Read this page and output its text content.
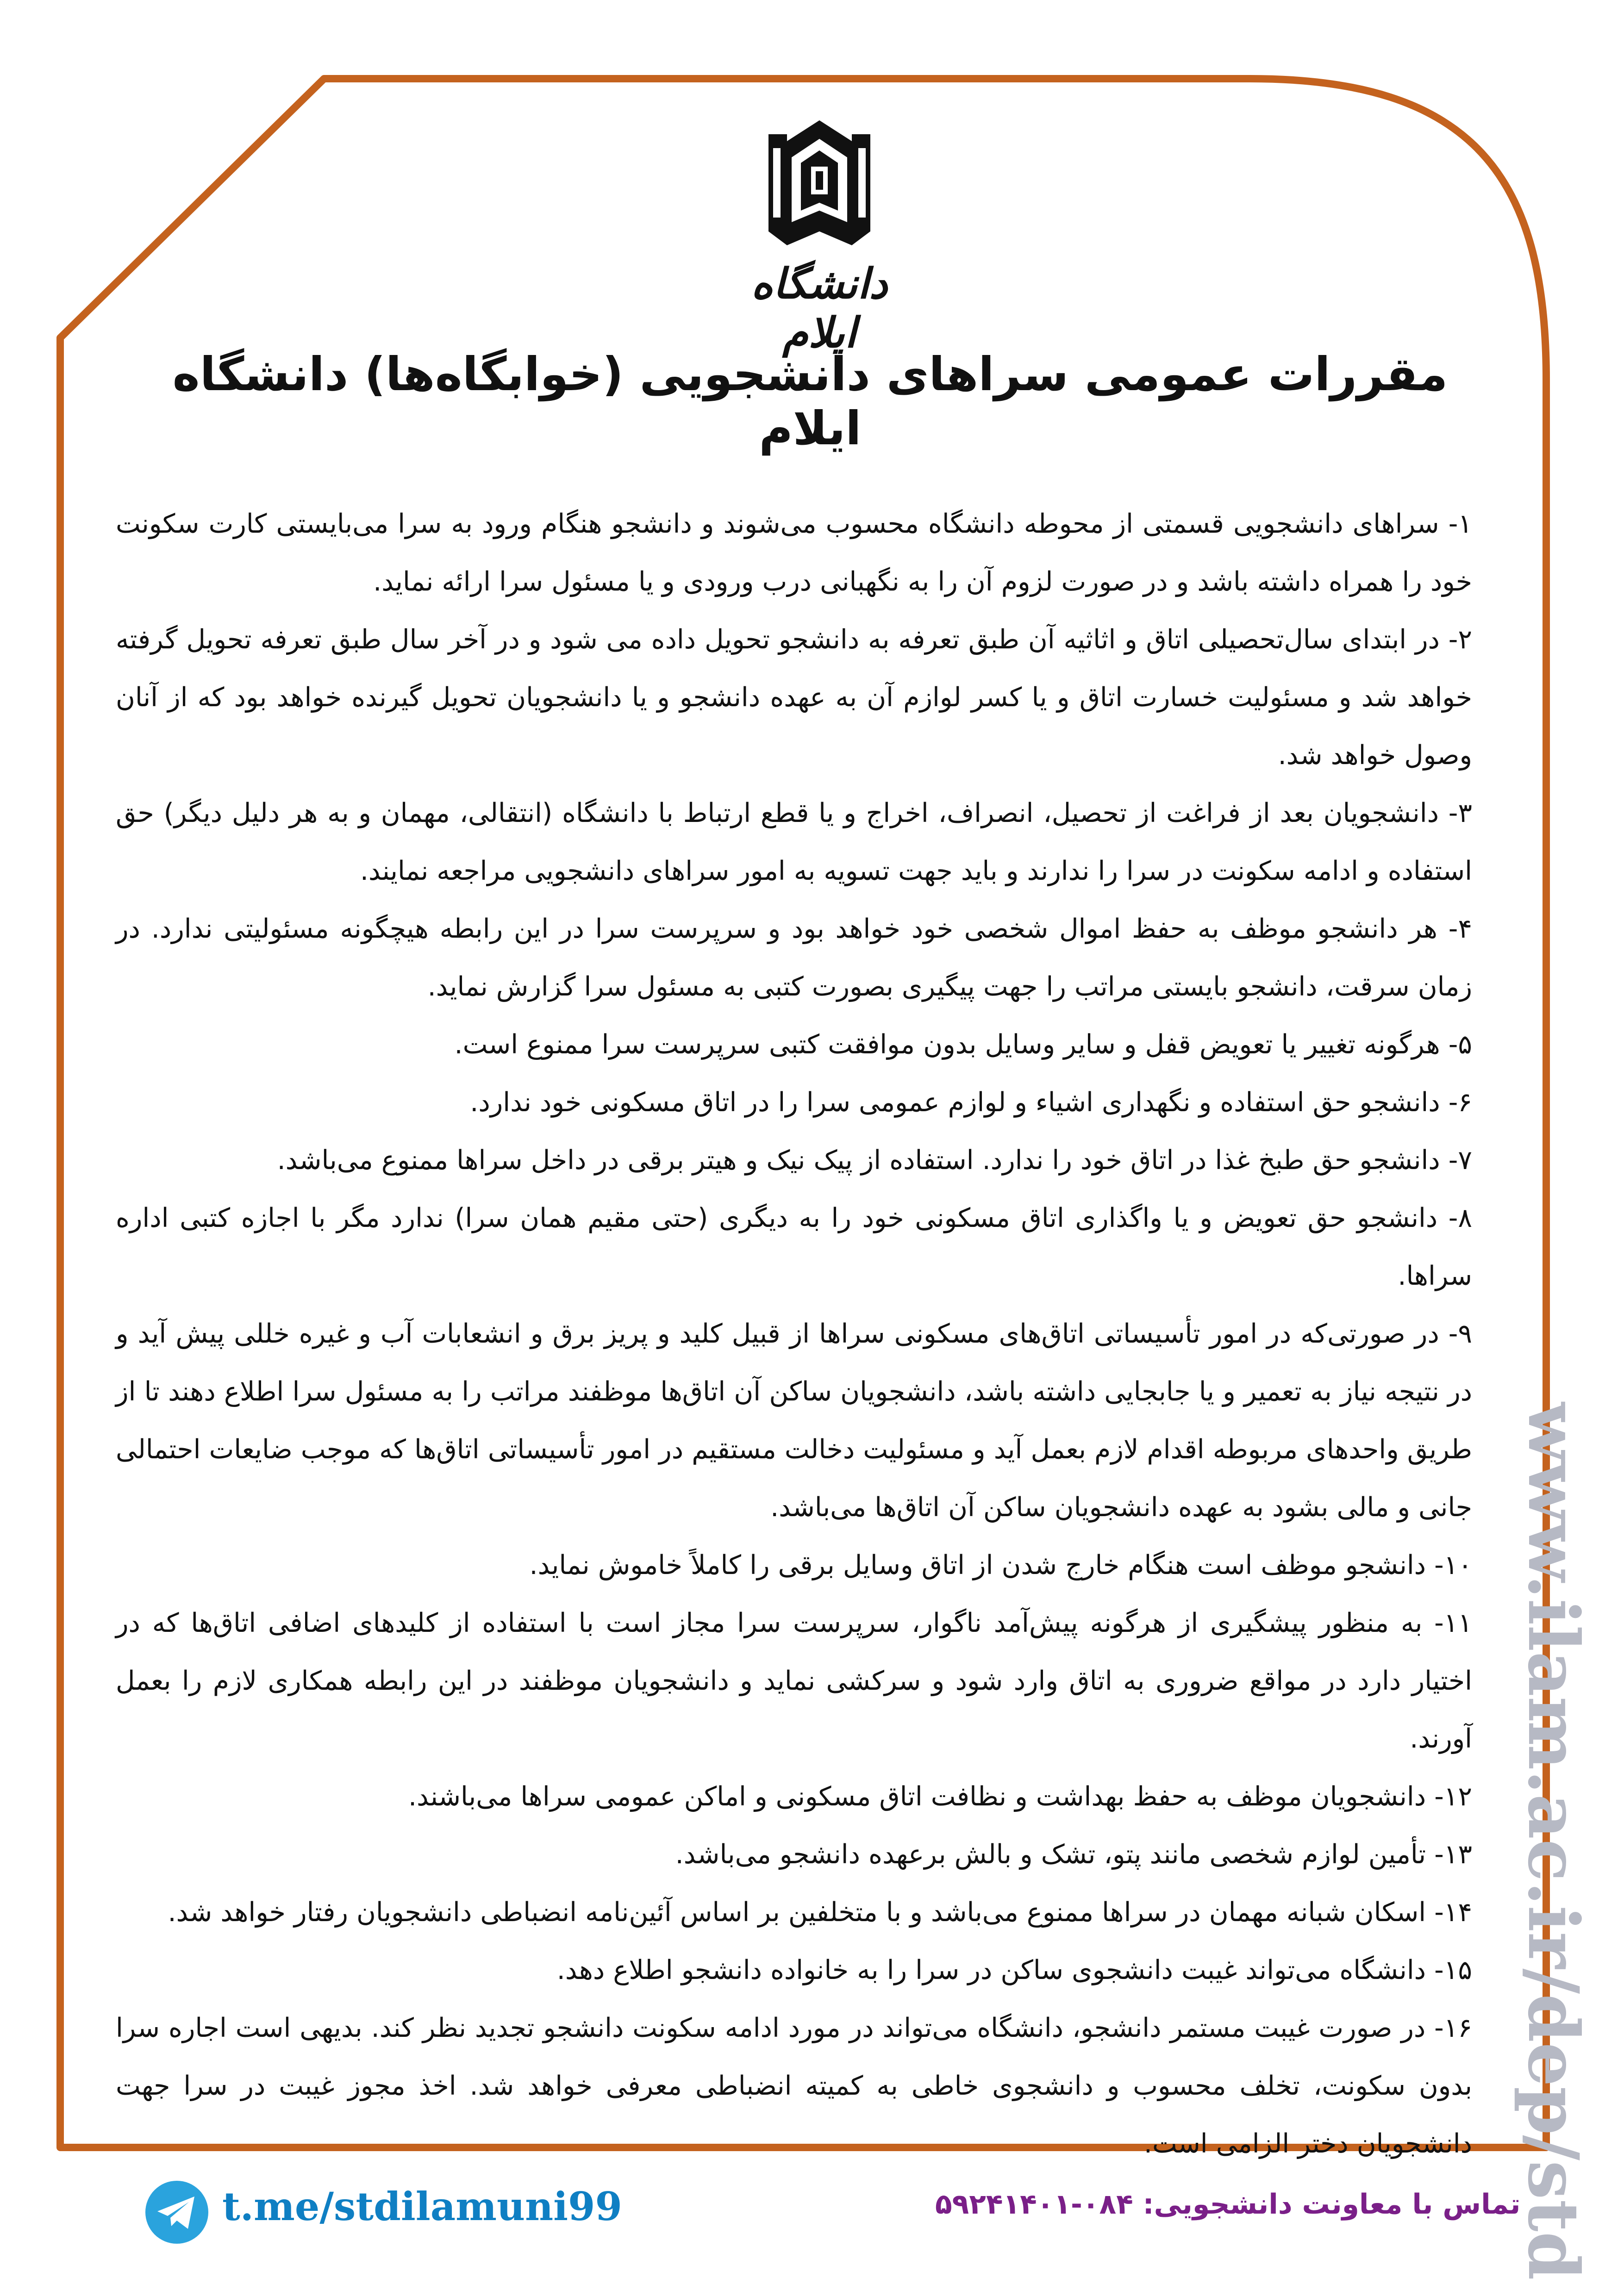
دانشگاه ایلام
مقررات عمومی سراهای دانشجویی (خوابگاه‌ها) دانشگاه ایلام

۱- سراهای دانشجویی قسمتی از محوطه دانشگاه محسوب می‌شوند و دانشجو هنگام ورود به سرا می‌بایستی کارت سکونت خود را همراه داشته باشد و در صورت لزوم آن را به نگهبانی درب ورودی و یا مسئول سرا ارائه نماید.

۲- در ابتدای سال‌تحصیلی اتاق و اثاثیه آن طبق تعرفه به دانشجو تحویل داده می شود و در آخر سال طبق تعرفه تحویل گرفته خواهد شد و مسئولیت خسارت اتاق و یا کسر لوازم آن به عهده دانشجو و یا دانشجویان تحویل گیرنده خواهد بود که از آنان وصول خواهد شد.

۳- دانشجویان بعد از فراغت از تحصیل، انصراف، اخراج و یا قطع ارتباط با دانشگاه (انتقالی، مهمان و به هر دلیل دیگر) حق استفاده و ادامه سکونت در سرا را ندارند و باید جهت تسویه به امور سراهای دانشجویی مراجعه نمایند.

۴- هر دانشجو موظف به حفظ اموال شخصی خود خواهد بود و سرپرست سرا در این رابطه هیچگونه مسئولیتی ندارد. در زمان سرقت، دانشجو بایستی مراتب را جهت پیگیری بصورت کتبی به مسئول سرا گزارش نماید.

۵- هرگونه تغییر یا تعویض قفل و سایر وسایل بدون موافقت کتبی سرپرست سرا ممنوع است.

۶- دانشجو حق استفاده و نگهداری اشیاء و لوازم عمومی سرا را در اتاق مسکونی خود ندارد.

۷- دانشجو حق طبخ غذا در اتاق خود را ندارد. استفاده از پیک نیک و هیتر برقی در داخل سراها ممنوع می‌باشد.

۸- دانشجو حق تعویض و یا واگذاری اتاق مسکونی خود را به دیگری (حتی مقیم همان سرا) ندارد مگر با اجازه کتبی اداره سراها.

۹- در صورتی‌که در امور تأسیساتی اتاق‌های مسکونی سراها از قبیل کلید و پریز برق و انشعابات آب و غیره خللی پیش آید و در نتیجه نیاز به تعمیر و یا جابجایی داشته باشد، دانشجویان ساکن آن اتاق‌ها موظفند مراتب را به مسئول سرا اطلاع دهند تا از طریق واحدهای مربوطه اقدام لازم بعمل آید و مسئولیت دخالت مستقیم در امور تأسیساتی اتاق‌ها که موجب ضایعات احتمالی جانی و مالی بشود به عهده دانشجویان ساکن آن اتاق‌ها می‌باشد.

۱۰- دانشجو موظف است هنگام خارج شدن از اتاق وسایل برقی را کاملاً خاموش نماید.

۱۱- به منظور پیشگیری از هرگونه پیش‌آمد ناگوار، سرپرست سرا مجاز است با استفاده از کلیدهای اضافی اتاق‌ها که در اختیار دارد در مواقع ضروری به اتاق وارد شود و سرکشی نماید و دانشجویان موظفند در این رابطه همکاری لازم را بعمل آورند.

۱۲- دانشجویان موظف به حفظ بهداشت و نظافت اتاق مسکونی و اماکن عمومی سراها می‌باشند.

۱۳- تأمین لوازم شخصی مانند پتو، تشک و بالش برعهده دانشجو می‌باشد.

۱۴- اسکان شبانه مهمان در سراها ممنوع می‌باشد و با متخلفین بر اساس آئین‌نامه انضباطی دانشجویان رفتار خواهد شد.

۱۵- دانشگاه می‌تواند غیبت دانشجوی ساکن در سرا را به خانواده دانشجو اطلاع دهد.

۱۶- در صورت غیبت مستمر دانشجو، دانشگاه می‌تواند در مورد ادامه سکونت دانشجو تجدید نظر کند. بدیهی است اجاره سرا بدون سکونت، تخلف محسوب و دانشجوی خاطی به کمیته انضباطی معرفی خواهد شد. اخذ مجوز غیبت در سرا جهت دانشجویان دختر الزامی است. www.ilam.ac.ir/dep/std
t.me/stdilamuni99	تماس با معاونت دانشجویی: ۰۸۴-۵۹۲۴۱۴۰۱
